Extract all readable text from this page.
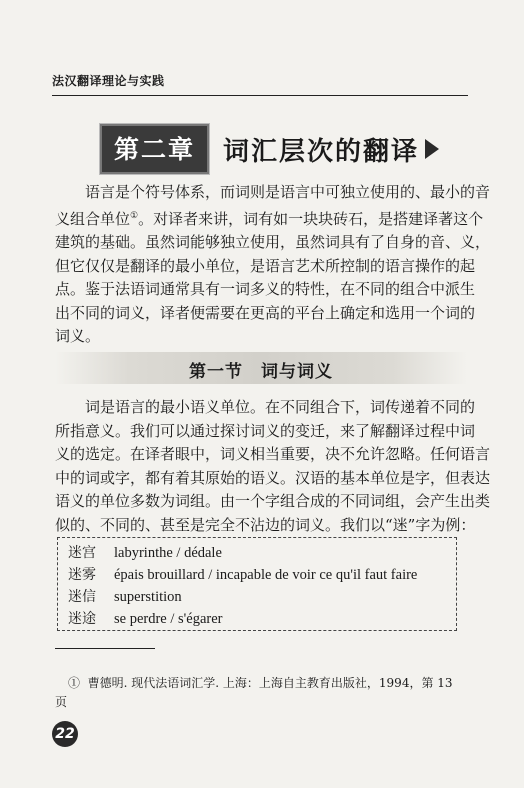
法汉翻译理论与实践
第二章	词汇层次的翻译
语言是个符号体系，而词则是语言中可独立使用的、最小的音
义组合单位①。对译者来讲，词有如一块块砖石，是搭建译著这个
建筑的基础。虽然词能够独立使用，虽然词具有了自身的音、义，
但它仅仅是翻译的最小单位，是语言艺术所控制的语言操作的起
点。鉴于法语词通常具有一词多义的特性，在不同的组合中派生
出不同的词义，译者便需要在更高的平台上确定和选用一个词的
词义。
第一节　词与词义
词是语言的最小语义单位。在不同组合下，词传递着不同的
所指意义。我们可以通过探讨词义的变迁，来了解翻译过程中词
义的选定。在译者眼中，词义相当重要，决不允许忽略。任何语言
中的词或字，都有着其原始的语义。汉语的基本单位是字，但表达
语义的单位多数为词组。由一个字组合成的不同词组，会产生出类
似的、不同的、甚至是完全不沾边的词义。我们以“迷”字为例：
迷宫 labyrinthe / dédale
迷雾 épais brouillard / incapable de voir ce qu'il faut faire
迷信 superstition
迷途 se perdre / s'égarer
① 曹德明. 现代法语词汇学. 上海：上海自主教育出版社，1994，第 13
页
22
